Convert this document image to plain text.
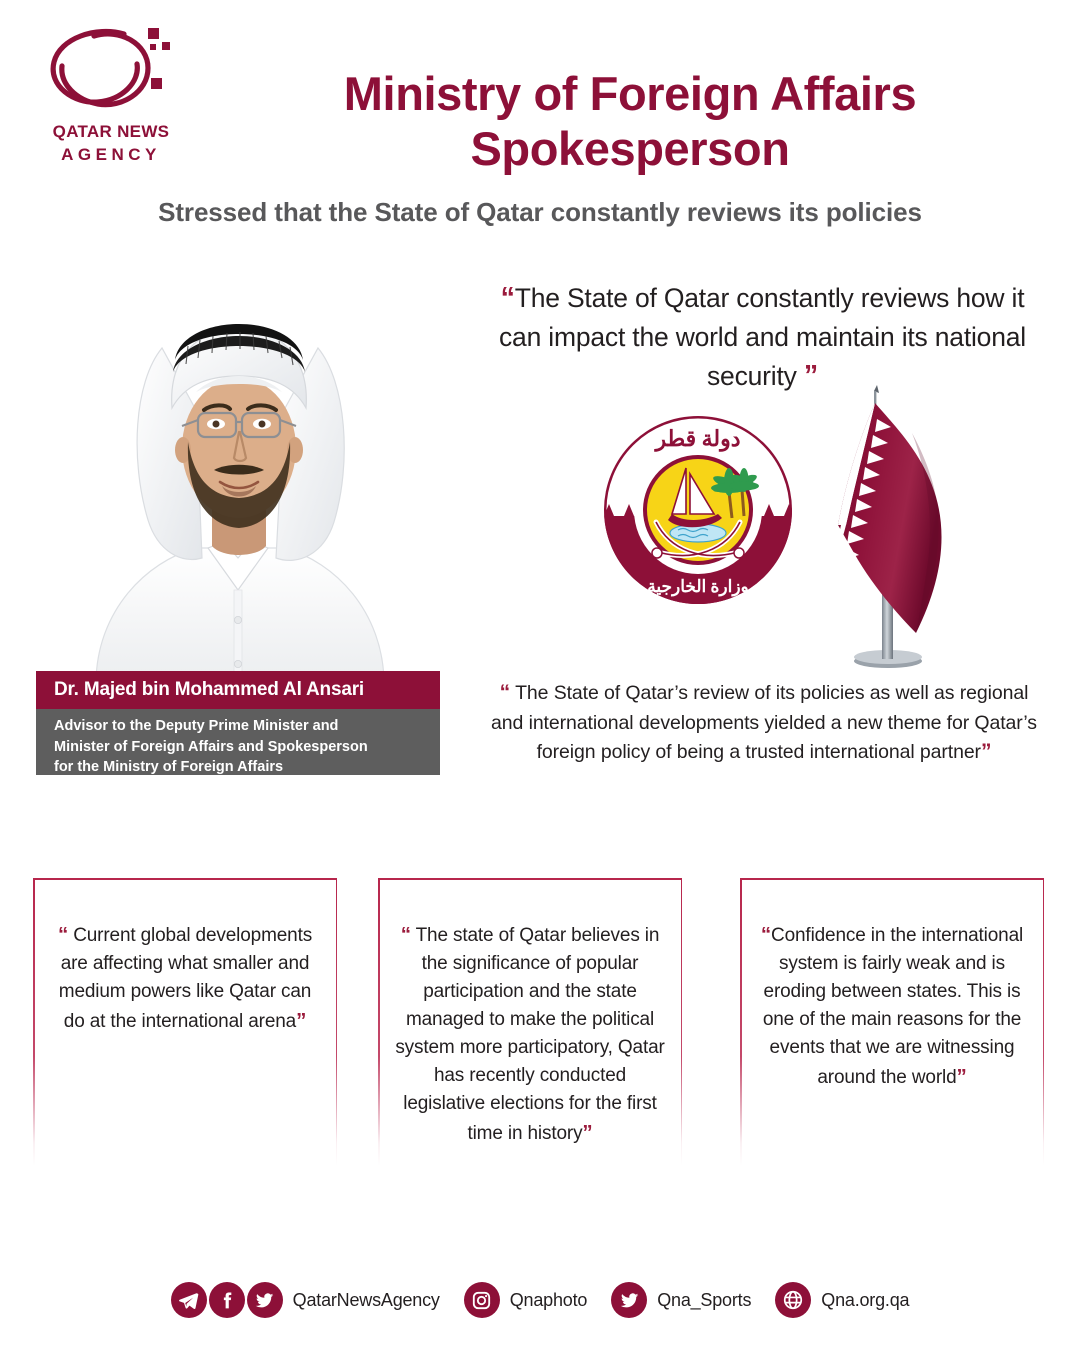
QATAR NEWS
AGENCY
Ministry of Foreign Affairs
Spokesperson
Stressed that the State of Qatar constantly reviews its policies
Dr. Majed bin Mohammed Al Ansari
Advisor to the Deputy Prime Minister and
Minister of Foreign Affairs and Spokesperson
for the Ministry of Foreign Affairs
“The State of Qatar constantly reviews how it can impact the world and maintain its national security ”
دولة قطر
وزارة الخارجية
“ The State of Qatar’s review of its policies as well as regional and international developments yielded a new theme for Qatar’s foreign policy of being a trusted international partner”
“ Current global developments are affecting what smaller and medium powers like Qatar can do at the international arena”
“ The state of Qatar believes in the significance of popular participation and the state managed to make the political system more participatory, Qatar has recently conducted legislative elections for the first time in history”
“Confidence in the international system is fairly weak and is eroding between states. This is one of the main reasons for the events that we are witnessing around the world”
QatarNewsAgency	Qnaphoto	Qna_Sports	Qna.org.qa
